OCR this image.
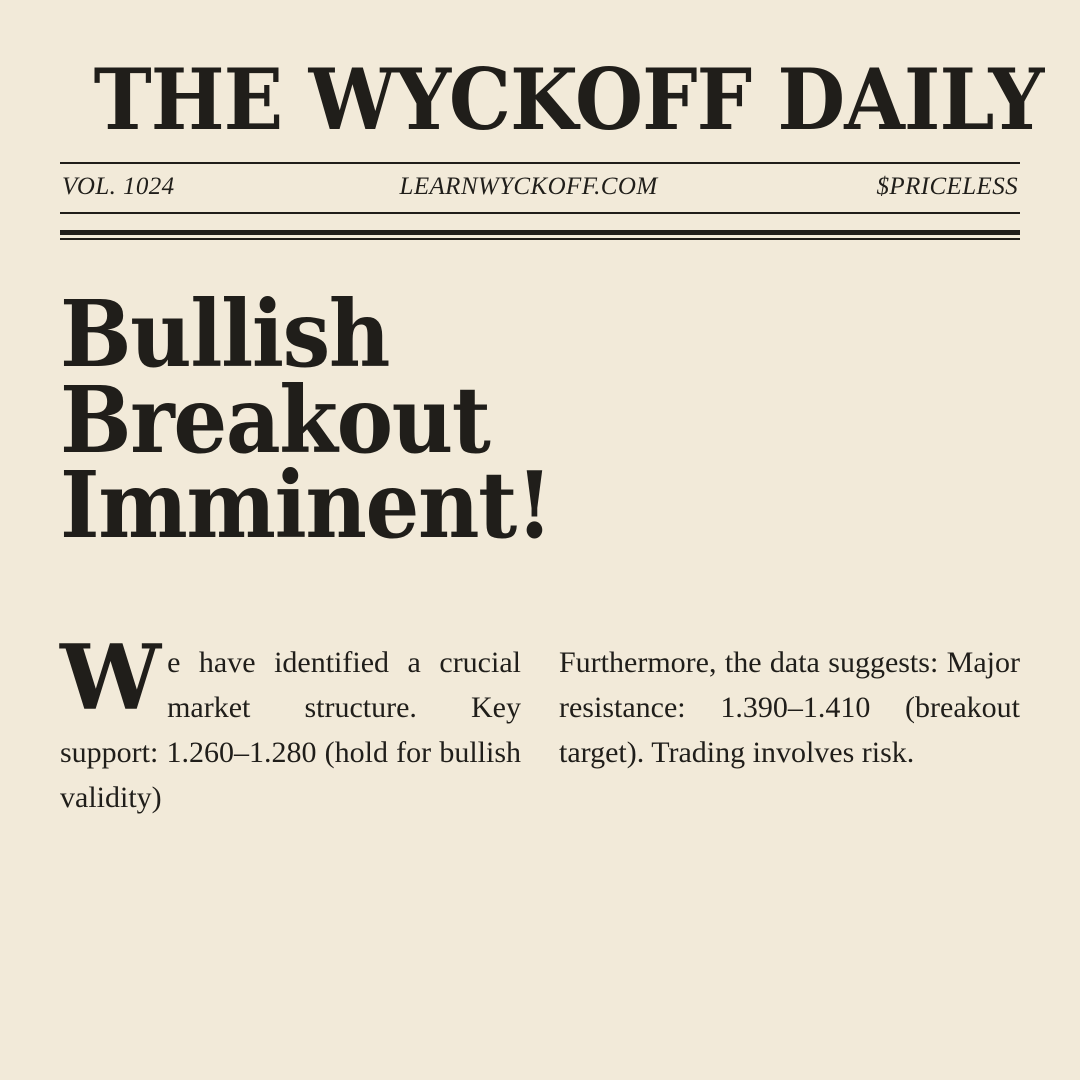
THE WYCKOFF DAILY
VOL. 1024	LEARNWYCKOFF.COM	$PRICELESS
Bullish Breakout Imminent!

We have identified a crucial market structure. Key support: 1.260–1.280 (hold for bullish validity)

Furthermore, the data suggests: Major resistance: 1.390–1.410 (breakout target). Trading involves risk.
